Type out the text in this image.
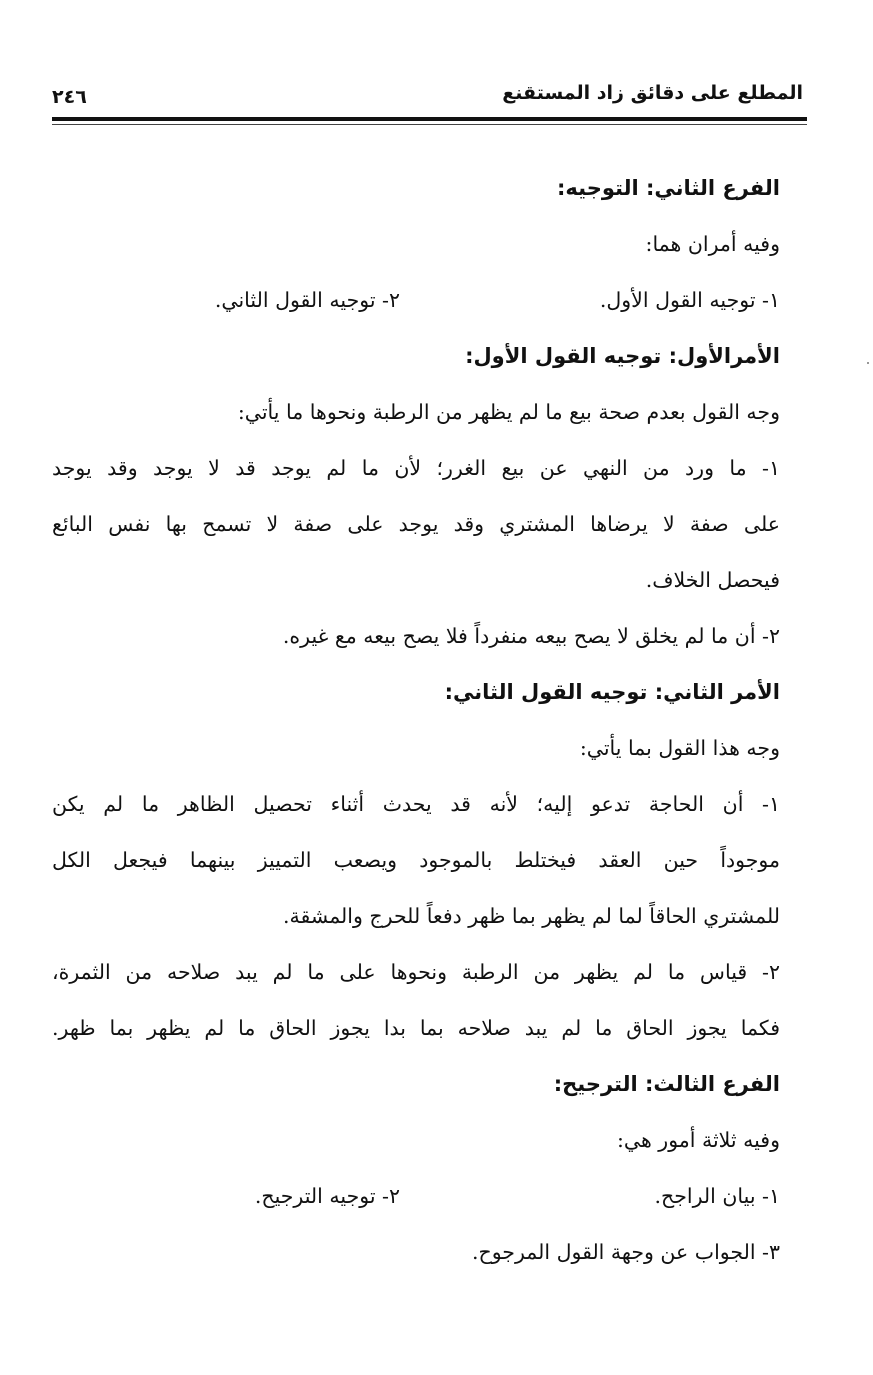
المطلع على دقائق زاد المستقنع
٢٤٦
الفرع الثاني: التوجيه:
وفيه أمران هما:
١- توجيه القول الأول.
٢- توجيه القول الثاني.
الأمرالأول: توجيه القول الأول:
وجه القول بعدم صحة بيع ما لم يظهر من الرطبة ونحوها ما يأتي:
١- ما ورد من النهي عن بيع الغرر؛ لأن ما لم يوجد قد لا يوجد وقد يوجد
على صفة لا يرضاها المشتري وقد يوجد على صفة لا تسمح بها نفس البائع
فيحصل الخلاف.
٢- أن ما لم يخلق لا يصح بيعه منفرداً فلا يصح بيعه مع غيره.
الأمر الثاني: توجيه القول الثاني:
وجه هذا القول بما يأتي:
١- أن الحاجة تدعو إليه؛ لأنه قد يحدث أثناء تحصيل الظاهر ما لم يكن
موجوداً حين العقد فيختلط بالموجود ويصعب التمييز بينهما فيجعل الكل
للمشتري الحاقاً لما لم يظهر بما ظهر دفعاً للحرج والمشقة.
٢- قياس ما لم يظهر من الرطبة ونحوها على ما لم يبد صلاحه من الثمرة،
فكما يجوز الحاق ما لم يبد صلاحه بما بدا يجوز الحاق ما لم يظهر بما ظهر.
الفرع الثالث: الترجيح:
وفيه ثلاثة أمور هي:
١- بيان الراجح.
٢- توجيه الترجيح.
٣- الجواب عن وجهة القول المرجوح.
